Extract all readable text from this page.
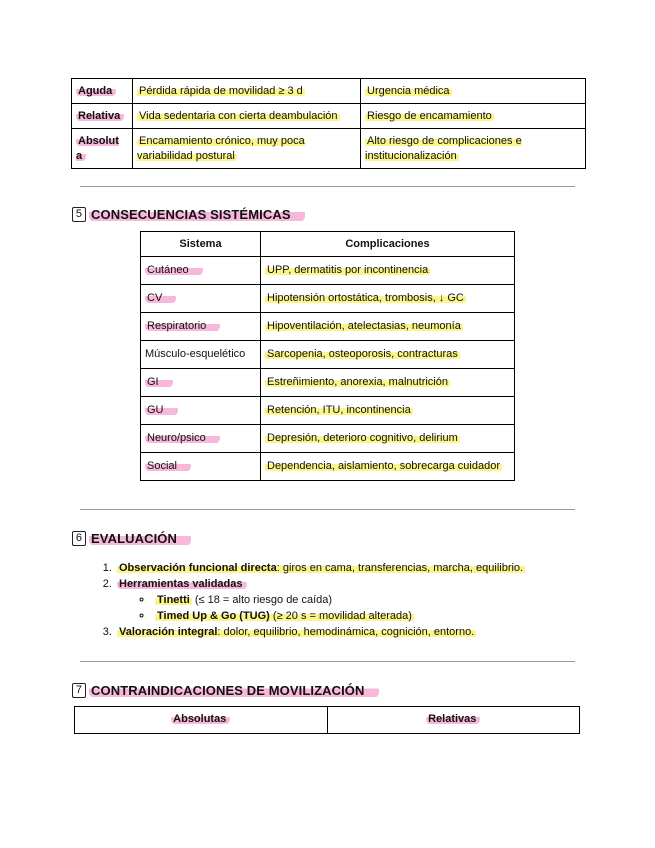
Aguda	Pérdida rápida de movilidad ≥ 3 d	Urgencia médica
Relativa	Vida sedentaria con cierta deambulación	Riesgo de encamamiento
Absolut a	Encamamiento crónico, muy poca variabilidad postural	Alto riesgo de complicaciones e institucionalización
5 CONSECUENCIAS SISTÉMICAS
Sistema	Complicaciones
Cutáneo	UPP, dermatitis por incontinencia
CV	Hipotensión ortostática, trombosis, ↓ GC
Respiratorio	Hipoventilación, atelectasias, neumonía
Músculo-esquelético	Sarcopenia, osteoporosis, contracturas
GI	Estreñimiento, anorexia, malnutrición
GU	Retención, ITU, incontinencia
Neuro/psico	Depresión, deterioro cognitivo, delirium
Social	Dependencia, aislamiento, sobrecarga cuidador
6 EVALUACIÓN
1. Observación funcional directa: giros en cama, transferencias, marcha, equilibrio.
2. Herramientas validadas
◦ Tinetti (≤ 18 = alto riesgo de caída)
◦ Timed Up & Go (TUG) (≥ 20 s = movilidad alterada)
3. Valoración integral: dolor, equilibrio, hemodinámica, cognición, entorno.
7 CONTRAINDICACIONES DE MOVILIZACIÓN
Absolutas	Relativas
